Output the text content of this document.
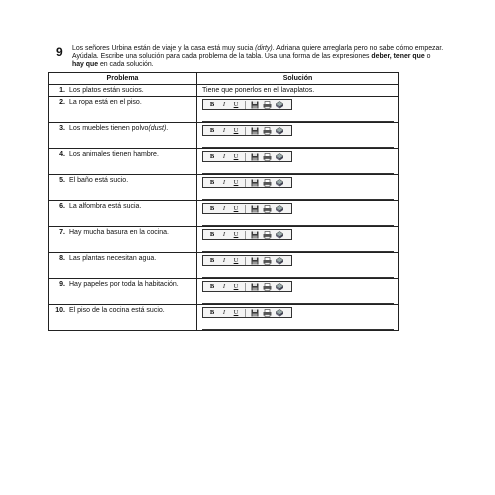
9 Los señores Urbina están de viaje y la casa está muy sucia (dirty). Adriana quiere arreglarla pero no sabe cómo empezar. Ayúdala. Escribe una solución para cada problema de la tabla. Usa una forma de las expresiones deber, tener que o hay que en cada solución.
Problema	Solución
1. Los platos están sucios.	Tiene que ponerlos en el lavaplatos.
2. La ropa está en el piso.	B I U

3. Los muebles tienen polvo(dust).	B I U

4. Los animales tienen hambre.	B I U

5. El baño está sucio.	B I U

6. La alfombra está sucia.	B I U

7. Hay mucha basura en la cocina.	B I U

8. Las plantas necesitan agua.	B I U

9. Hay papeles por toda la habitación.	B I U

10. El piso de la cocina está sucio.	B I U
